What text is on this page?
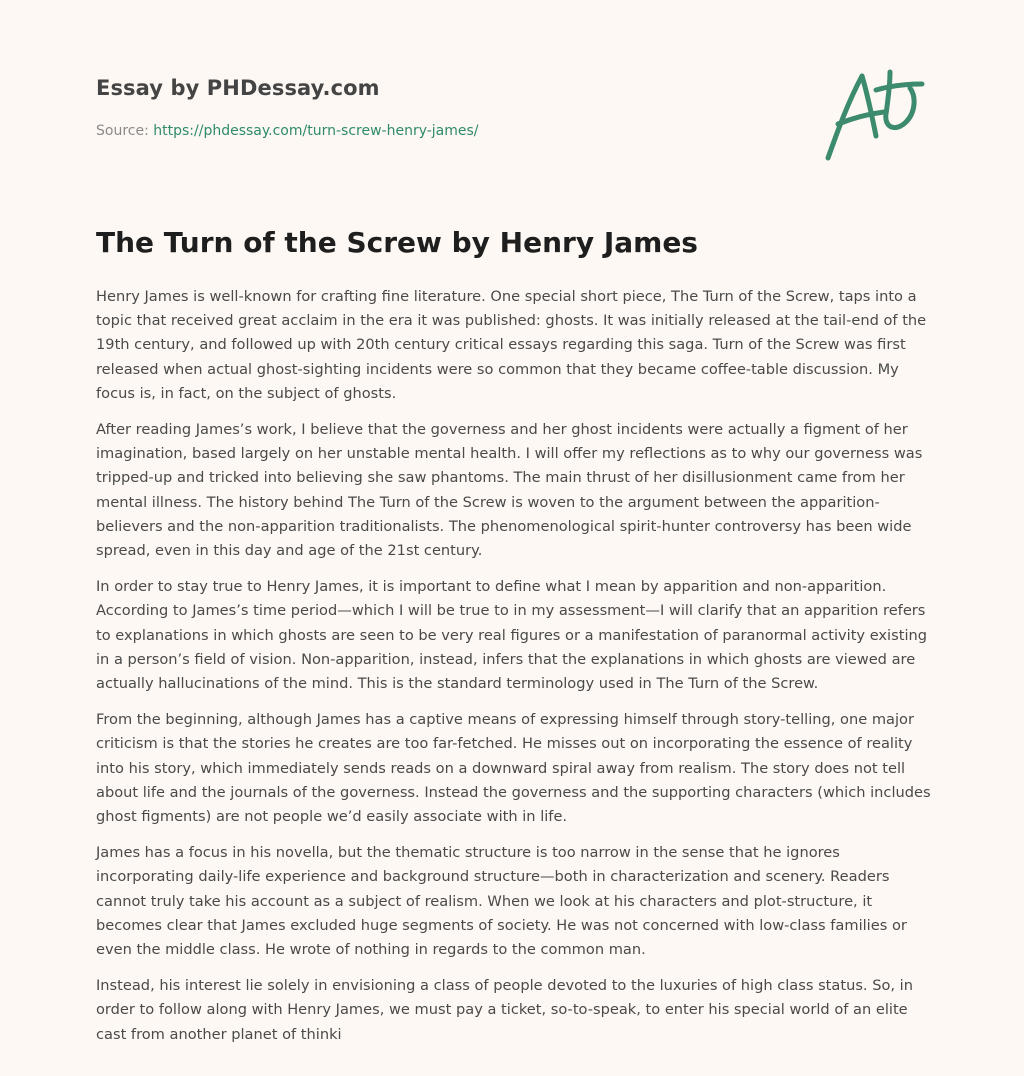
Essay by PHDessay.com
Source: https://phdessay.com/turn-screw-henry-james/
The Turn of the Screw by Henry James

Henry James is well-known for crafting fine literature. One special short piece, The Turn of the Screw, taps into a topic that received great acclaim in the era it was published: ghosts. It was initially released at the tail-end of the 19th century, and followed up with 20th century critical essays regarding this saga. Turn of the Screw was first released when actual ghost-sighting incidents were so common that they became coffee-table discussion. My focus is, in fact, on the subject of ghosts.

After reading James’s work, I believe that the governess and her ghost incidents were actually a figment of her imagination, based largely on her unstable mental health. I will offer my reflections as to why our governess was tripped-up and tricked into believing she saw phantoms. The main thrust of her disillusionment came from her mental illness. The history behind The Turn of the Screw is woven to the argument between the apparition-believers and the non-apparition traditionalists. The phenomenological spirit-hunter controversy has been wide spread, even in this day and age of the 21st century.

In order to stay true to Henry James, it is important to define what I mean by apparition and non-apparition. According to James’s time period—which I will be true to in my assessment—I will clarify that an apparition refers to explanations in which ghosts are seen to be very real figures or a manifestation of paranormal activity existing in a person’s field of vision. Non-apparition, instead, infers that the explanations in which ghosts are viewed are actually hallucinations of the mind. This is the standard terminology used in The Turn of the Screw.

From the beginning, although James has a captive means of expressing himself through story-telling, one major criticism is that the stories he creates are too far-fetched. He misses out on incorporating the essence of reality into his story, which immediately sends reads on a downward spiral away from realism. The story does not tell about life and the journals of the governess. Instead the governess and the supporting characters (which includes ghost figments) are not people we’d easily associate with in life.

James has a focus in his novella, but the thematic structure is too narrow in the sense that he ignores incorporating daily-life experience and background structure—both in characterization and scenery. Readers cannot truly take his account as a subject of realism. When we look at his characters and plot-structure, it becomes clear that James excluded huge segments of society. He was not concerned with low-class families or even the middle class. He wrote of nothing in regards to the common man.

Instead, his interest lie solely in envisioning a class of people devoted to the luxuries of high class status. So, in order to follow along with Henry James, we must pay a ticket, so-to-speak, to enter his special world of an elite cast from another planet of thinki
